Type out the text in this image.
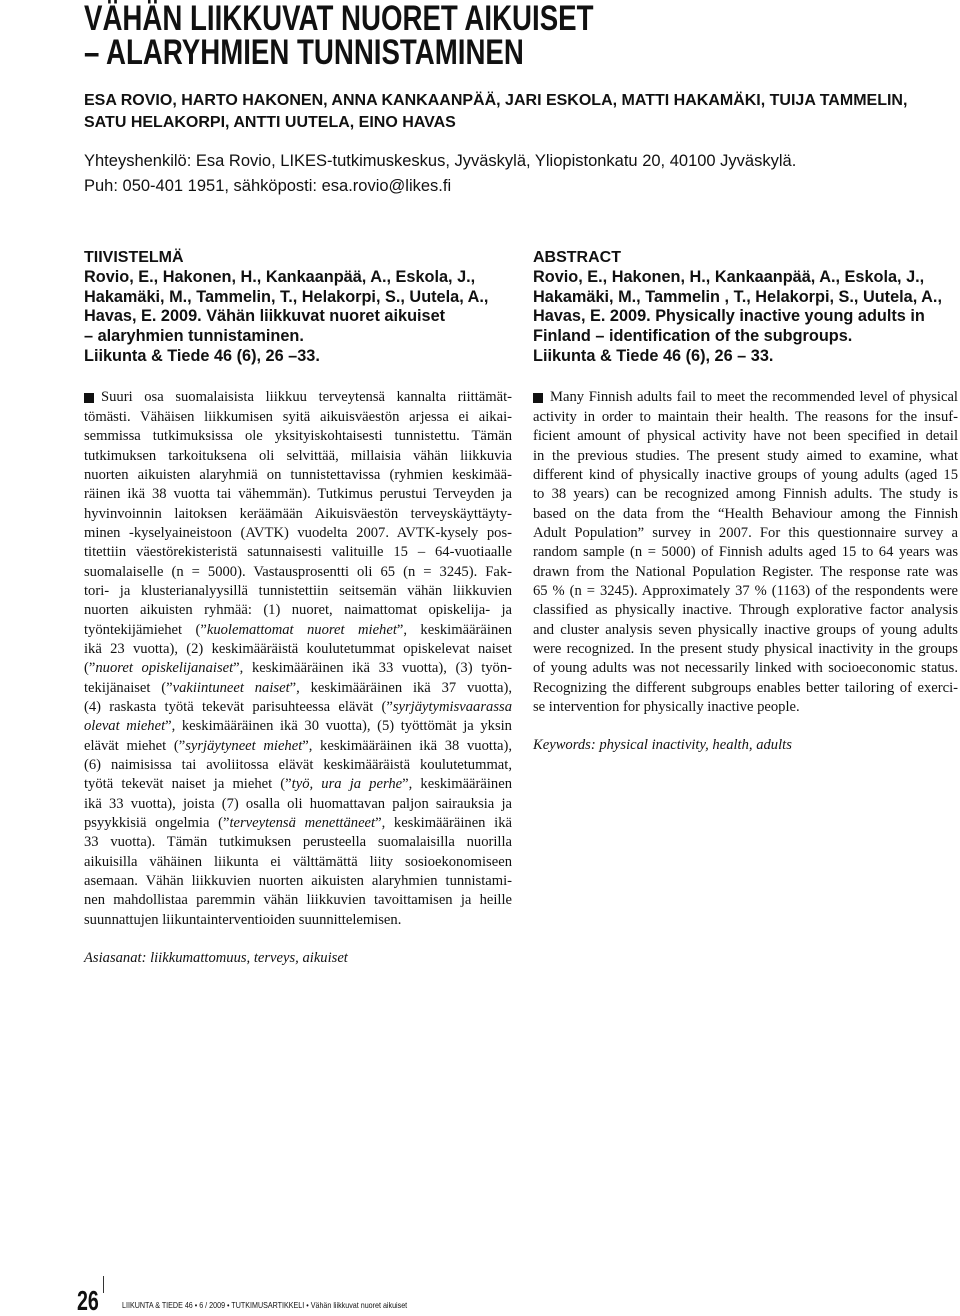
VÄHÄN LIIKKUVAT NUORET AIKUISET
– ALARYHMIEN TUNNISTAMINEN
ESA ROVIO, HARTO HAKONEN, ANNA KANKAANPÄÄ, JARI ESKOLA, MATTI HAKAMÄKI, TUIJA TAMMELIN,
SATU HELAKORPI, ANTTI UUTELA, EINO HAVAS
Yhteyshenkilö: Esa Rovio, LIKES-tutkimuskeskus, Jyväskylä, Yliopistonkatu 20, 40100 Jyväskylä.
Puh: 050-401 1951, sähköposti: esa.rovio@likes.fi
TIIVISTELMÄ
Rovio, E., Hakonen, H., Kankaanpää, A., Eskola, J.,
Hakamäki, M., Tammelin, T., Helakorpi, S., Uutela, A.,
Havas, E. 2009. Vähän liikkuvat nuoret aikuiset
– alaryhmien tunnistaminen.
Liikunta & Tiede 46 (6), 26 –33.
Suuri osa suomalaisista liikkuu terveytensä kannalta riittämät-
tömästi. Vähäisen liikkumisen syitä aikuisväestön arjessa ei aikai-
semmissa tutkimuksissa ole yksityiskohtaisesti tunnistettu. Tämän
tutkimuksen tarkoituksena oli selvittää, millaisia vähän liikkuvia
nuorten aikuisten alaryhmiä on tunnistettavissa (ryhmien keskimää-
räinen ikä 38 vuotta tai vähemmän). Tutkimus perustui Terveyden ja
hyvinvoinnin laitoksen keräämään Aikuisväestön terveyskäyttäyty-
minen -kyselyaineistoon (AVTK) vuodelta 2007. AVTK-kysely pos-
titettiin väestörekisteristä satunnaisesti valituille 15 – 64-vuotiaalle
suomalaiselle (n = 5000). Vastausprosentti oli 65 (n = 3245). Fak-
tori- ja klusterianalyysillä tunnistettiin seitsemän vähän liikkuvien
nuorten aikuisten ryhmää: (1) nuoret, naimattomat opiskelija- ja
työntekijämiehet (”kuolemattomat nuoret miehet”, keskimääräinen
ikä 23 vuotta), (2) keskimääräistä koulutetummat opiskelevat naiset
(”nuoret opiskelijanaiset”, keskimääräinen ikä 33 vuotta), (3) työn-
tekijänaiset (”vakiintuneet naiset”, keskimääräinen ikä 37 vuotta),
(4) raskasta työtä tekevät parisuhteessa elävät (”syrjäytymisvaarassa
olevat miehet”, keskimääräinen ikä 30 vuotta), (5) työttömät ja yksin
elävät miehet (”syrjäytyneet miehet”, keskimääräinen ikä 38 vuotta),
(6) naimisissa tai avoliitossa elävät keskimääräistä koulutetummat,
työtä tekevät naiset ja miehet (”työ, ura ja perhe”, keskimääräinen
ikä 33 vuotta), joista (7) osalla oli huomattavan paljon sairauksia ja
psyykkisiä ongelmia (”terveytensä menettäneet”, keskimääräinen ikä
33 vuotta). Tämän tutkimuksen perusteella suomalaisilla nuorilla
aikuisilla vähäinen liikunta ei välttämättä liity sosioekonomiseen
asemaan. Vähän liikkuvien nuorten aikuisten alaryhmien tunnistami-
nen mahdollistaa paremmin vähän liikkuvien tavoittamisen ja heille
suunnattujen liikuntainterventioiden suunnittelemisen.
Asiasanat: liikkumattomuus, terveys, aikuiset
ABSTRACT
Rovio, E., Hakonen, H., Kankaanpää, A., Eskola, J.,
Hakamäki, M., Tammelin , T., Helakorpi, S., Uutela, A.,
Havas, E. 2009. Physically inactive young adults in
Finland – identification of the subgroups.
Liikunta & Tiede 46 (6), 26 – 33.
Many Finnish adults fail to meet the recommended level of physical
activity in order to maintain their health. The reasons for the insuf-
ficient amount of physical activity have not been specified in detail
in the previous studies. The present study aimed to examine, what
different kind of physically inactive groups of young adults (aged 15
to 38 years) can be recognized among Finnish adults. The study is
based on the data from the “Health Behaviour among the Finnish
Adult Population” survey in 2007. For this questionnaire survey a
random sample (n = 5000) of Finnish adults aged 15 to 64 years was
drawn from the National Population Register. The response rate was
65 % (n = 3245). Approximately 37 % (1163) of the respondents were
classified as physically inactive. Through explorative factor analysis
and cluster analysis seven physically inactive groups of young adults
were recognized. In the present study physical inactivity in the groups
of young adults was not necessarily linked with socioeconomic status.
Recognizing the different subgroups enables better tailoring of exerci-
se intervention for physically inactive people.
Keywords: physical inactivity, health, adults
26	LIIKUNTA & TIEDE 46 • 6 / 2009 • TUTKIMUSARTIKKELI • Vähän liikkuvat nuoret aikuiset
